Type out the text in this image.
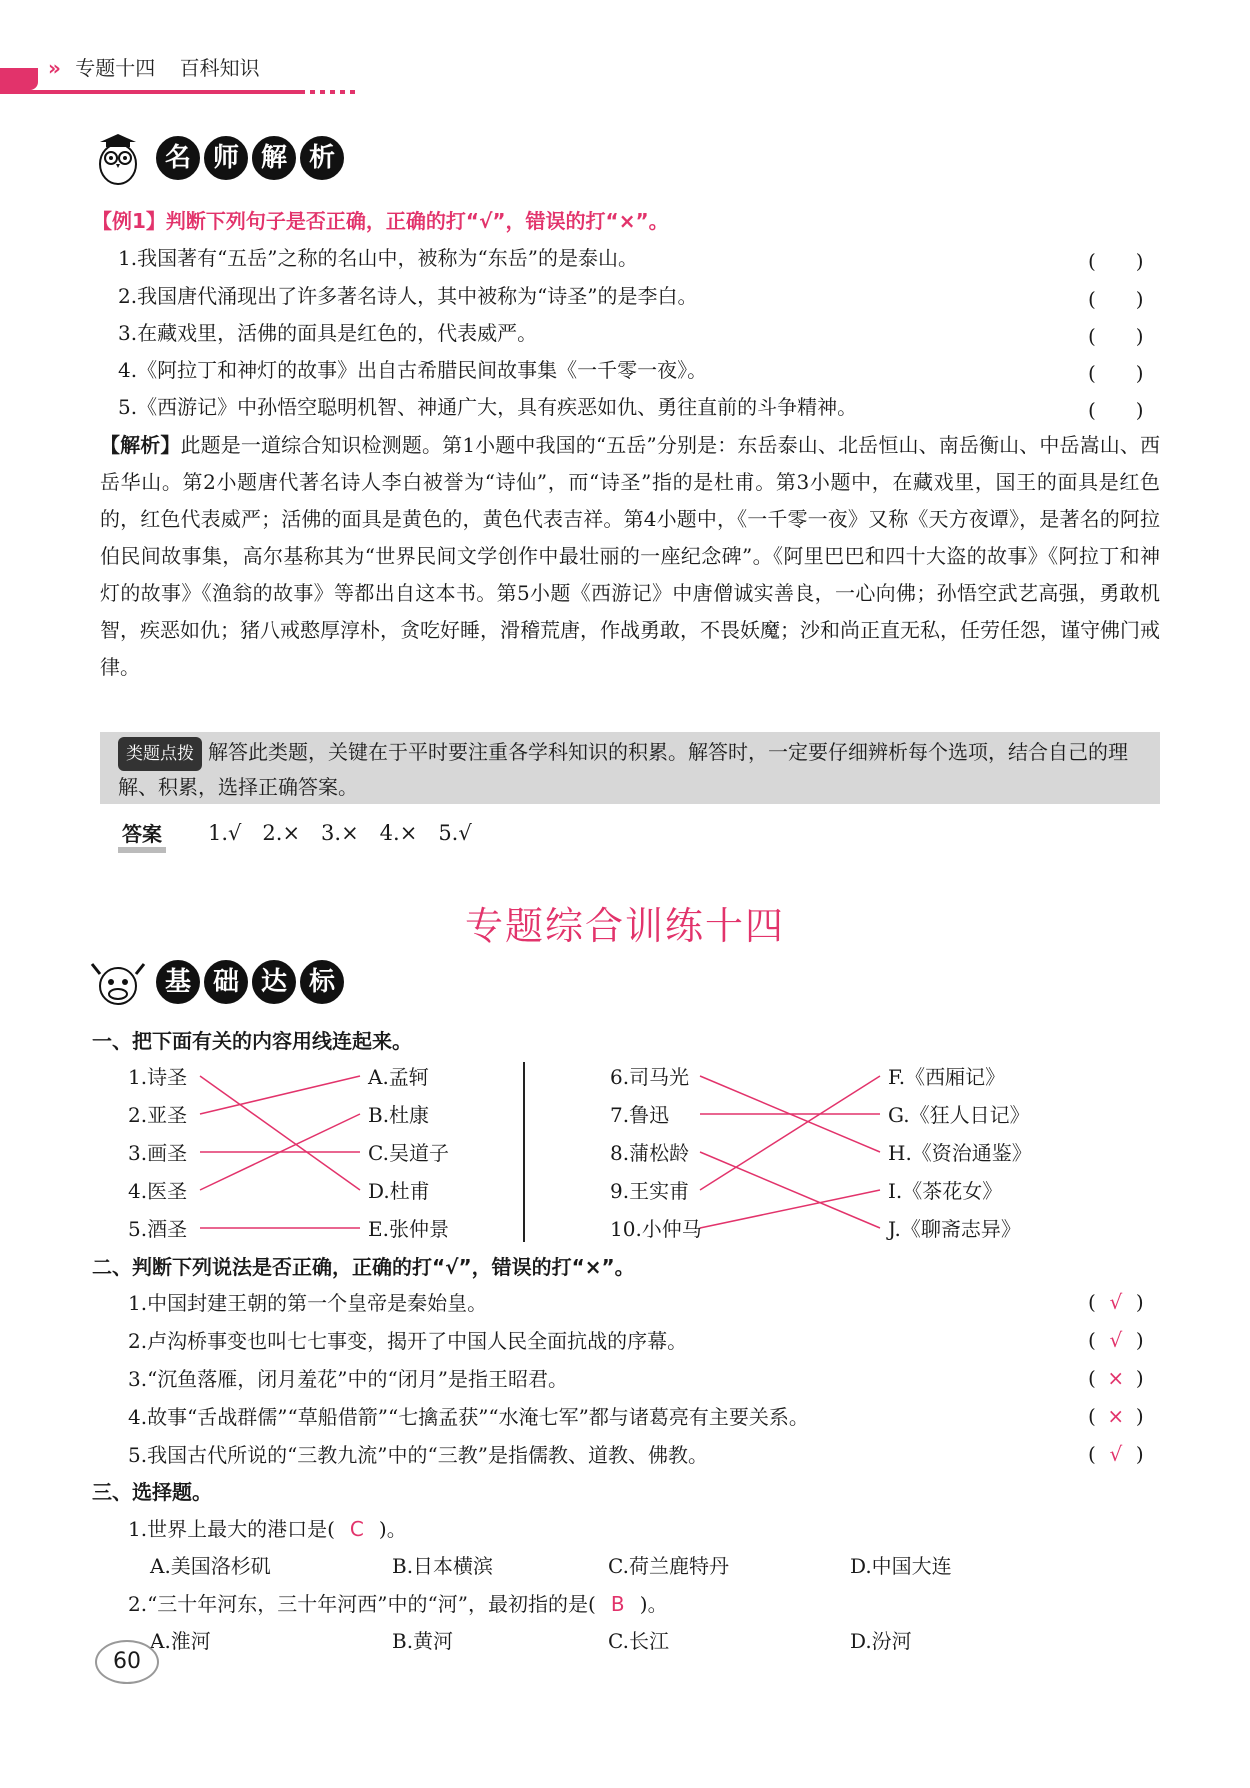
» 专题十四 百科知识
名 师 解 析
【例1】判断下列句子是否正确，正确的打“√”，错误的打“×”。
1.我国著有“五岳”之称的名山中，被称为“东岳”的是泰山。	(　　)
2.我国唐代涌现出了许多著名诗人，其中被称为“诗圣”的是李白。	(　　)
3.在藏戏里，活佛的面具是红色的，代表威严。	(　　)
4.《阿拉丁和神灯的故事》出自古希腊民间故事集《一千零一夜》。	(　　)
5.《西游记》中孙悟空聪明机智、神通广大，具有疾恶如仇、勇往直前的斗争精神。	(　　)
【解析】此题是一道综合知识检测题。第1小题中我国的“五岳”分别是：东岳泰山、北岳恒山、南岳衡山、中岳嵩山、西岳华山。第2小题唐代著名诗人李白被誉为“诗仙”，而“诗圣”指的是杜甫。第3小题中，在藏戏里，国王的面具是红色的，红色代表威严；活佛的面具是黄色的，黄色代表吉祥。第4小题中，《一千零一夜》又称《天方夜谭》，是著名的阿拉伯民间故事集，高尔基称其为“世界民间文学创作中最壮丽的一座纪念碑”。《阿里巴巴和四十大盗的故事》《阿拉丁和神灯的故事》《渔翁的故事》等都出自这本书。第5小题《西游记》中唐僧诚实善良，一心向佛；孙悟空武艺高强，勇敢机智，疾恶如仇；猪八戒憨厚淳朴，贪吃好睡，滑稽荒唐，作战勇敢，不畏妖魔；沙和尚正直无私，任劳任怨，谨守佛门戒律。
类题点拨 解答此类题，关键在于平时要注重各学科知识的积累。解答时，一定要仔细辨析每个选项，结合自己的理解、积累，选择正确答案。
答案 1.√　2.×　3.×　4.×　5.√
专题综合训练十四
基 础 达 标
一、把下面有关的内容用线连起来。
1.诗圣
2.亚圣
3.画圣
4.医圣
5.酒圣
A.孟轲
B.杜康
C.吴道子
D.杜甫
E.张仲景
6.司马光
7.鲁迅
8.蒲松龄
9.王实甫
10.小仲马
F.《西厢记》
G.《狂人日记》
H.《资治通鉴》
I.《茶花女》
J.《聊斋志异》
二、判断下列说法是否正确，正确的打“√”，错误的打“×”。
1.中国封建王朝的第一个皇帝是秦始皇。	( √ )
2.卢沟桥事变也叫七七事变，揭开了中国人民全面抗战的序幕。	( √ )
3.“沉鱼落雁，闭月羞花”中的“闭月”是指王昭君。	( × )
4.故事“舌战群儒”“草船借箭”“七擒孟获”“水淹七军”都与诸葛亮有主要关系。	( × )
5.我国古代所说的“三教九流”中的“三教”是指儒教、道教、佛教。	( √ )
三、选择题。
1.世界上最大的港口是( C )。
A.美国洛杉矶	B.日本横滨	C.荷兰鹿特丹	D.中国大连
2.“三十年河东，三十年河西”中的“河”，最初指的是( B )。
A.淮河	B.黄河	C.长江	D.汾河
60
